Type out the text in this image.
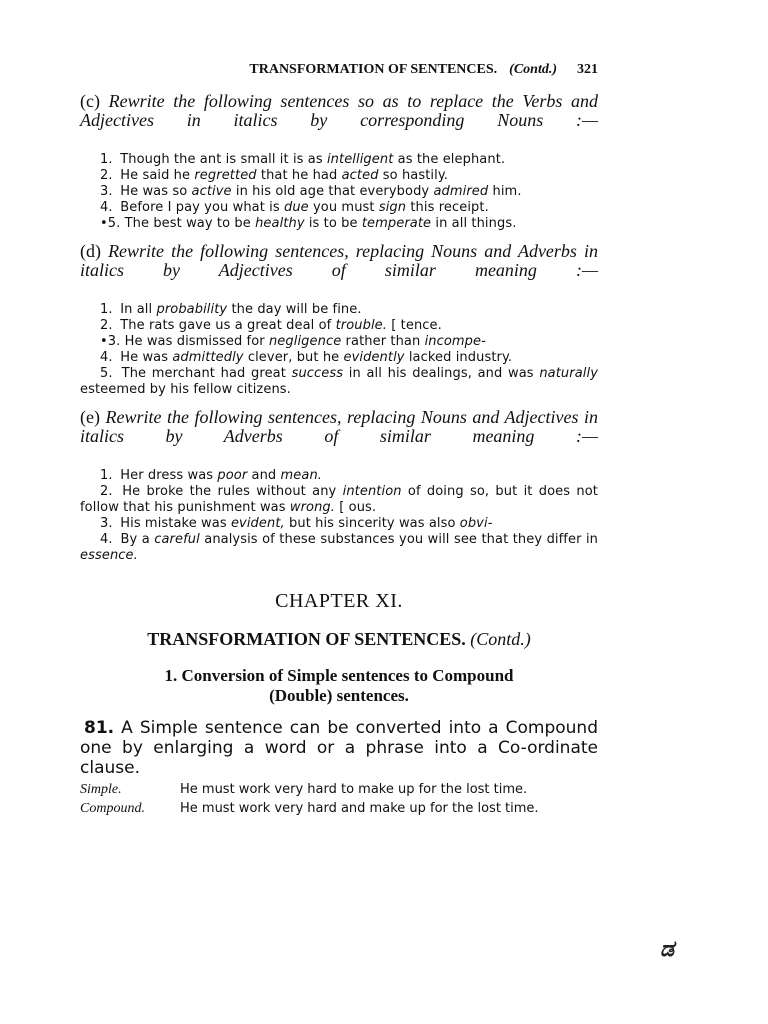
TRANSFORMATION OF SENTENCES. (Contd.) 321

(c) Rewrite the following sentences so as to replace the Verbs and Adjectives in italics by corresponding Nouns :—

1. Though the ant is small it is as intelligent as the elephant.
2. He said he regretted that he had acted so hastily.
3. He was so active in his old age that everybody admired him.
4. Before I pay you what is due you must sign this receipt.
•5. The best way to be healthy is to be temperate in all things.

(d) Rewrite the following sentences, replacing Nouns and Adverbs in italics by Adjectives of similar meaning :—

1. In all probability the day will be fine.
2. The rats gave us a great deal of trouble. [ tence.
•3. He was dismissed for negligence rather than incompe-
4. He was admittedly clever, but he evidently lacked industry.
5. The merchant had great success in all his dealings, and was naturally esteemed by his fellow citizens.

(e) Rewrite the following sentences, replacing Nouns and Adjectives in italics by Adverbs of similar meaning :—

1. Her dress was poor and mean.
2. He broke the rules without any intention of doing so, but it does not follow that his punishment was wrong. [ ous.
3. His mistake was evident, but his sincerity was also obvi-
4. By a careful analysis of these substances you will see that they differ in essence.
CHAPTER XI.
TRANSFORMATION OF SENTENCES. (Contd.)
1. Conversion of Simple sentences to Compound
(Double) sentences.

81. A Simple sentence can be converted into a Compound one by enlarging a word or a phrase into a Co-ordinate clause.

Simple.	He must work very hard to make up for the lost time.
Compound.	He must work very hard and make up for the lost time.
ಡ
